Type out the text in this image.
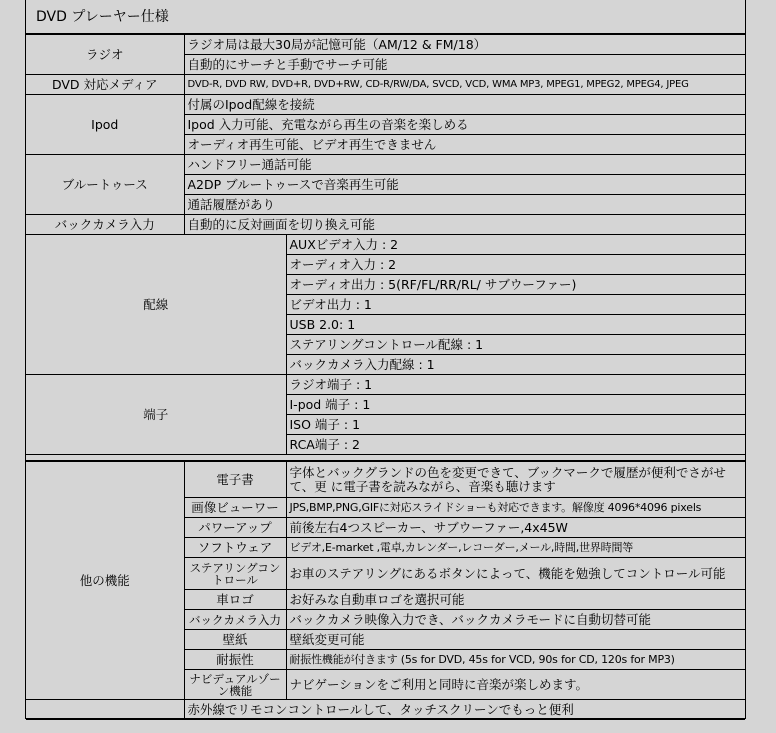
DVD プレーヤー仕様
ラジオ	ラジオ局は最大30局が記憶可能（AM/12 & FM/18）	
	自動的にサーチと手動でサーチ可能	
DVD 対応メディア	DVD-R, DVD RW, DVD+R, DVD+RW, CD-R/RW/DA, SVCD, VCD, WMA MP3, MPEG1, MPEG2, MPEG4, JPEG	
Ipod	付属のIpod配線を接続	
	Ipod 入力可能、充電ながら再生の音楽を楽しめる	
	オーディオ再生可能、ビデオ再生できません	
ブルートゥース	ハンドフリー通話可能	
	A2DP ブルートゥースで音楽再生可能	
	通話履歴があり	
バックカメラ入力	自動的に反対画面を切り換え可能	
配線		AUXビデオ入力 : 2
		オーディオ入力 : 2
		オーディオ出力 : 5(RF/FL/RR/RL/ サブウーファー)
		ビデオ出力 : 1
		USB 2.0: 1
		ステアリングコントロール配線 : 1
		バックカメラ入力配線 : 1
端子		ラジオ端子 : 1
		I-pod 端子 : 1
		ISO 端子 : 1
		RCA端子 : 2

他の機能	電子書	字体とバックグランドの色を変更できて、ブックマークで履歴が便利でさがせて、更 に電子書を読みながら、音楽も聴けます
	画像ビューワー	JPS,BMP,PNG,GIFに対応スライドショーも対応できます。解像度 4096*4096 pixels
	パワーアップ	前後左右4つスピーカー、サブウーファー,4x45W
	ソフトウェア	ビデオ,E-market ,電卓,カレンダー,レコーダー,メール,時間,世界時間等
	ステアリングコントロール	お車のステアリングにあるボタンによって、機能を勉強してコントロール可能
	車ロゴ	お好みな自動車ロゴを選択可能
	バックカメラ入力	バックカメラ映像入力でき、バックカメラモードに自動切替可能
	壁紙	壁紙変更可能
	耐振性	耐振性機能が付きます (5s for DVD, 45s for VCD, 90s for CD, 120s for MP3)
	ナビデュアルゾーン機能	ナビゲーションをご利用と同時に音楽が楽しめます。
	赤外線でリモコンコントロールして、タッチスクリーンでもっと便利	
